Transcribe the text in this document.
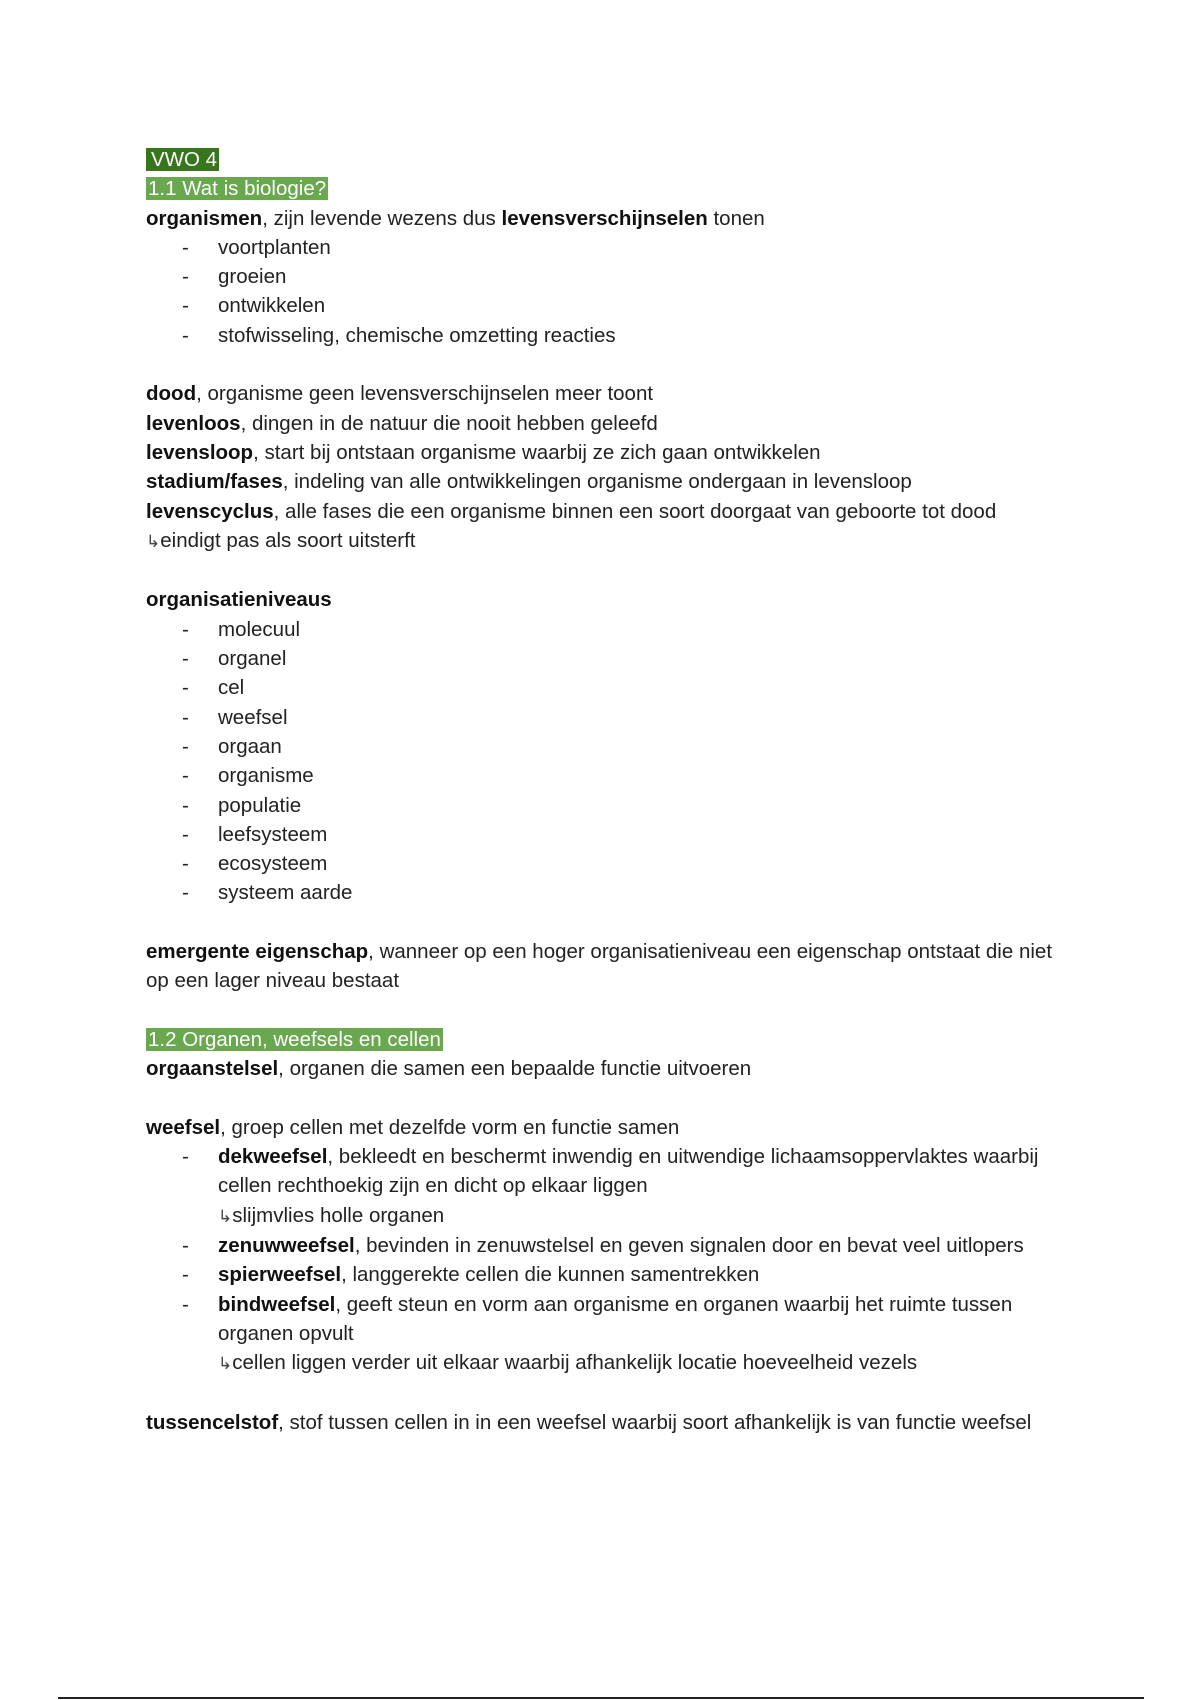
VWO 4

1.1 Wat is biologie?

organismen, zijn levende wezens dus levensverschijnselen tonen

- voortplanten
- groeien
- ontwikkelen
- stofwisseling, chemische omzetting reacties

dood, organisme geen levensverschijnselen meer toont

levenloos, dingen in de natuur die nooit hebben geleefd

levensloop, start bij ontstaan organisme waarbij ze zich gaan ontwikkelen

stadium/fases, indeling van alle ontwikkelingen organisme ondergaan in levensloop

levenscyclus, alle fases die een organisme binnen een soort doorgaat van geboorte tot dood

↳eindigt pas als soort uitsterft

organisatieniveaus

- molecuul
- organel
- cel
- weefsel
- orgaan
- organisme
- populatie
- leefsysteem
- ecosysteem
- systeem aarde

emergente eigenschap, wanneer op een hoger organisatieniveau een eigenschap ontstaat die niet op een lager niveau bestaat

1.2 Organen, weefsels en cellen

orgaanstelsel, organen die samen een bepaalde functie uitvoeren

weefsel, groep cellen met dezelfde vorm en functie samen

- dekweefsel, bekleedt en beschermt inwendig en uitwendige lichaamsoppervlaktes waarbij cellen rechthoekig zijn en dicht op elkaar liggen
↳slijmvlies holle organen
- zenuwweefsel, bevinden in zenuwstelsel en geven signalen door en bevat veel uitlopers
- spierweefsel, langgerekte cellen die kunnen samentrekken
- bindweefsel, geeft steun en vorm aan organisme en organen waarbij het ruimte tussen organen opvult
↳cellen liggen verder uit elkaar waarbij afhankelijk locatie hoeveelheid vezels

tussencelstof, stof tussen cellen in in een weefsel waarbij soort afhankelijk is van functie weefsel
